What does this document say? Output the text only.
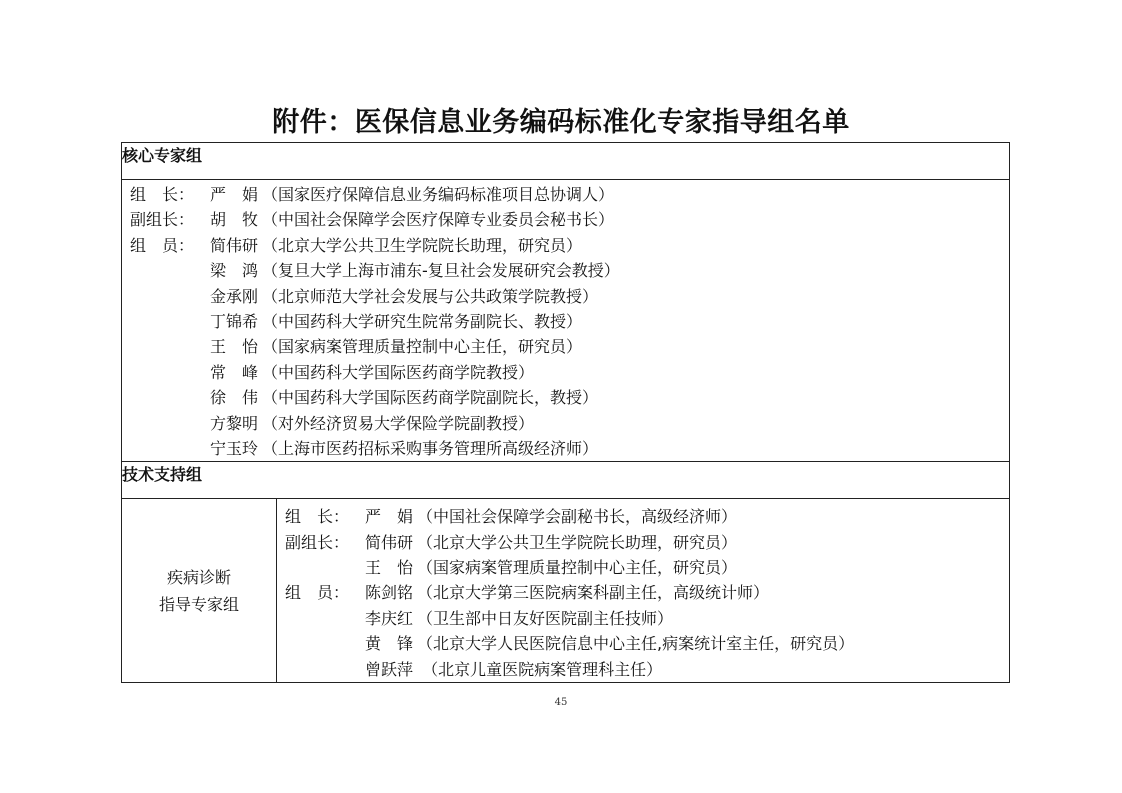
附件：医保信息业务编码标准化专家指导组名单
核心专家组

组　长： 严　娟 （国家医疗保障信息业务编码标准项目总协调人）
副组长： 胡　牧 （中国社会保障学会医疗保障专业委员会秘书长）
组　员： 简伟研 （北京大学公共卫生学院院长助理，研究员）
梁　鸿 （复旦大学上海市浦东-复旦社会发展研究会教授）
金承刚 （北京师范大学社会发展与公共政策学院教授）
丁锦希 （中国药科大学研究生院常务副院长、教授）
王　怡 （国家病案管理质量控制中心主任，研究员）
常　峰 （中国药科大学国际医药商学院教授）
徐　伟 （中国药科大学国际医药商学院副院长，教授）
方黎明 （对外经济贸易大学保险学院副教授）
宁玉玲 （上海市医药招标采购事务管理所高级经济师）

技术支持组

疾病诊断
指导专家组

组　长： 严　娟 （中国社会保障学会副秘书长，高级经济师）
副组长： 简伟研 （北京大学公共卫生学院院长助理，研究员）
王　怡 （国家病案管理质量控制中心主任，研究员）
组　员： 陈剑铭 （北京大学第三医院病案科副主任，高级统计师）
李庆红 （卫生部中日友好医院副主任技师）
黄　锋 （北京大学人民医院信息中心主任,病案统计室主任，研究员）
曾跃萍 （北京儿童医院病案管理科主任）
45
